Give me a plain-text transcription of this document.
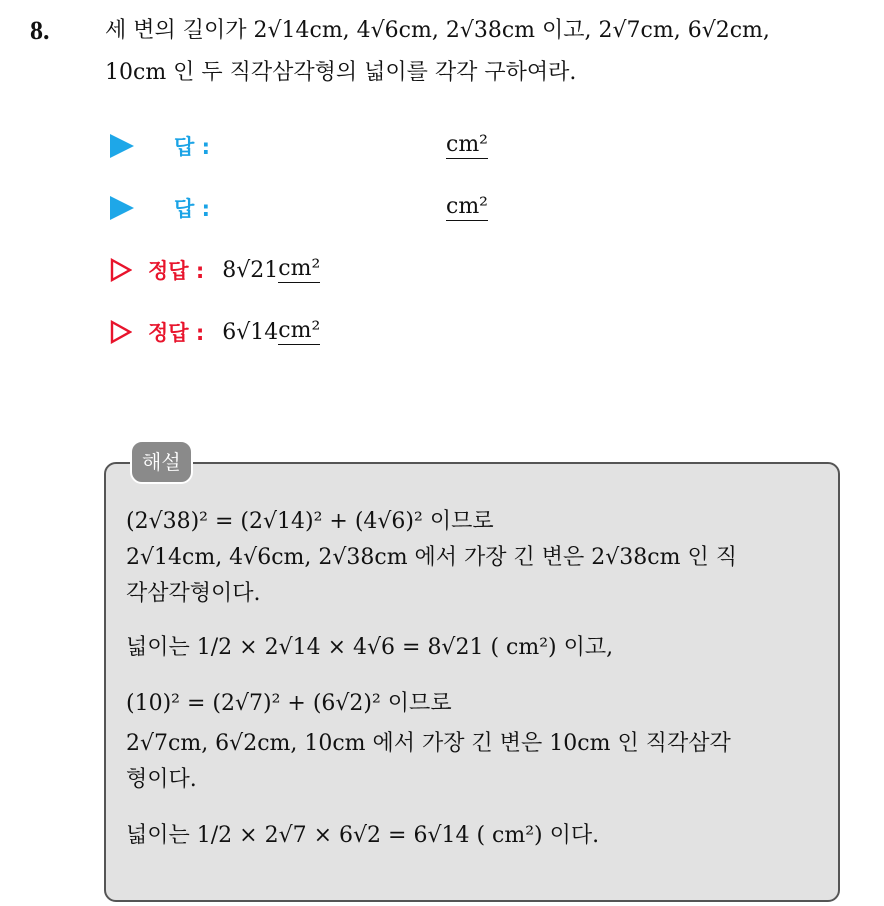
8.	세 변의 길이가 2√14cm, 4√6cm, 2√38cm 이고, 2√7cm, 6√2cm,
10cm 인 두 직각삼각형의 넓이를 각각 구하여라.
답 :	cm²
답 :	cm²
정답 : 8√21 cm²
정답 : 6√14 cm²
해설
(2√38)² = (2√14)² + (4√6)² 이므로
2√14cm, 4√6cm, 2√38cm 에서 가장 긴 변은 2√38cm 인 직
각삼각형이다.
넓이는 1/2 × 2√14 × 4√6 = 8√21 ( cm²) 이고,
(10)² = (2√7)² + (6√2)² 이므로
2√7cm, 6√2cm, 10cm 에서 가장 긴 변은 10cm 인 직각삼각
형이다.
넓이는 1/2 × 2√7 × 6√2 = 6√14 ( cm²) 이다.
